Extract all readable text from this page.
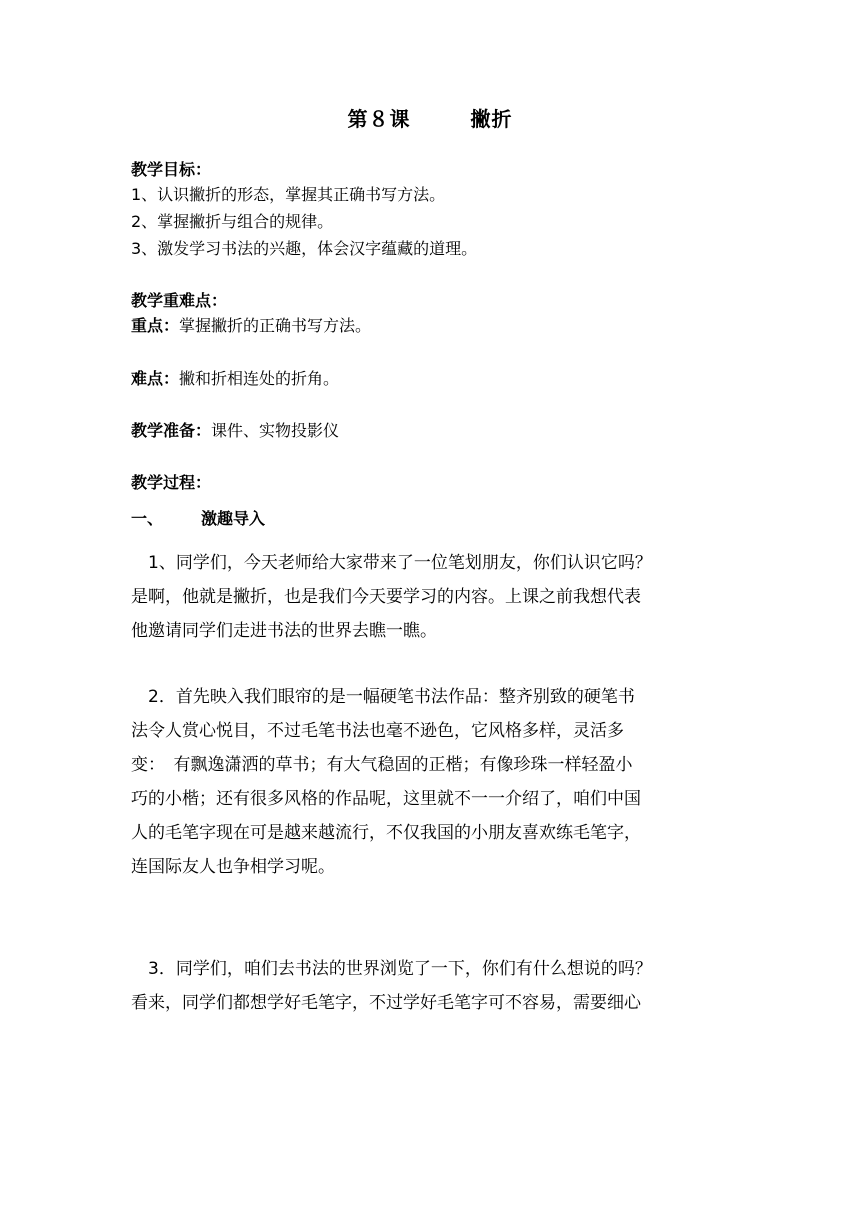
第８课	撇折
教学目标：
1、认识撇折的形态，掌握其正确书写方法。
2、掌握撇折与组合的规律。
3、激发学习书法的兴趣，体会汉字蕴藏的道理。
教学重难点：
重点：掌握撇折的正确书写方法。
难点：撇和折相连处的折角。
教学准备：课件、实物投影仪
教学过程：
一、 激趣导入
1、同学们，今天老师给大家带来了一位笔划朋友，你们认识它吗？
是啊，他就是撇折，也是我们今天要学习的内容。上课之前我想代表
他邀请同学们走进书法的世界去瞧一瞧。
2．首先映入我们眼帘的是一幅硬笔书法作品：整齐别致的硬笔书
法令人赏心悦目，不过毛笔书法也毫不逊色，它风格多样，灵活多
变：　有飘逸潇洒的草书；有大气稳固的正楷；有像珍珠一样轻盈小
巧的小楷；还有很多风格的作品呢，这里就不一一介绍了，咱们中国
人的毛笔字现在可是越来越流行，不仅我国的小朋友喜欢练毛笔字，
连国际友人也争相学习呢。
3．同学们，咱们去书法的世界浏览了一下，你们有什么想说的吗？
看来，同学们都想学好毛笔字，不过学好毛笔字可不容易，需要细心
